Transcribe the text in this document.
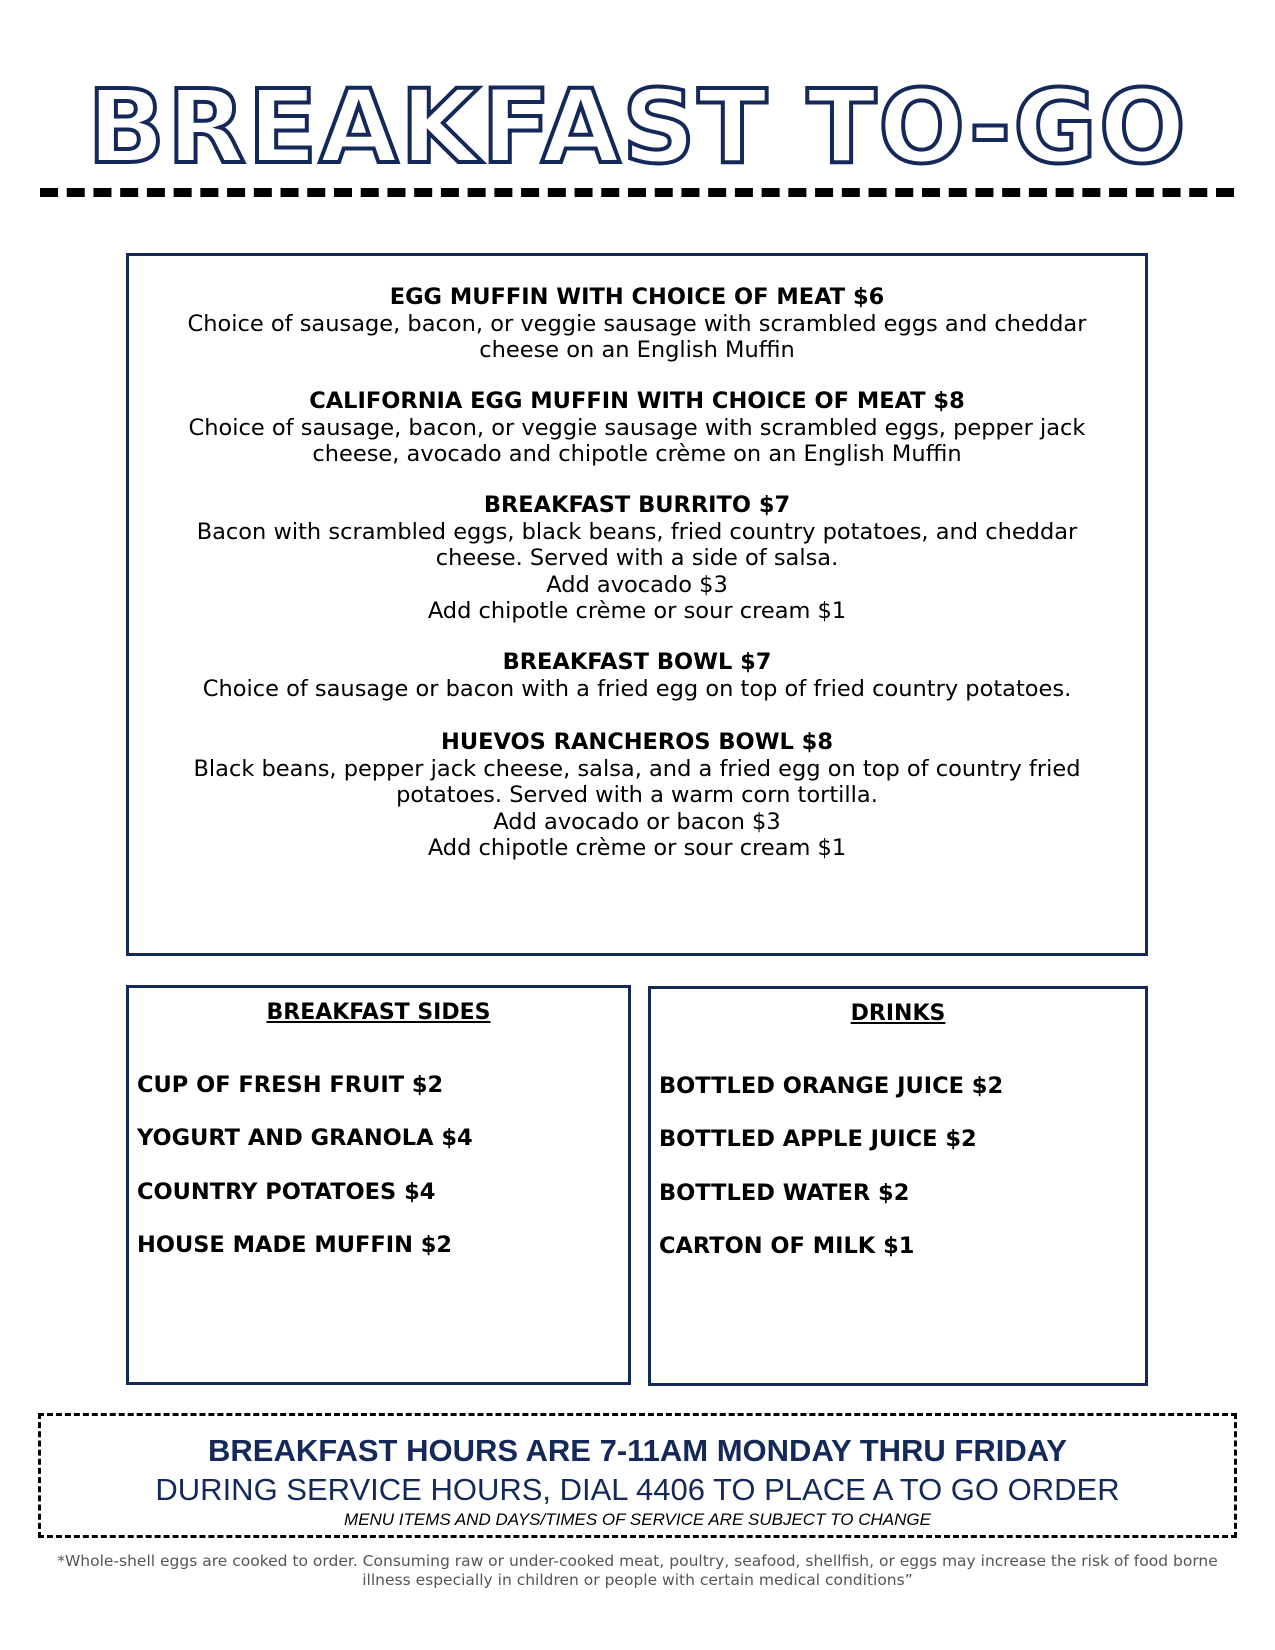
BREAKFAST TO-GO
EGG MUFFIN WITH CHOICE OF MEAT $6
Choice of sausage, bacon, or veggie sausage with scrambled eggs and cheddar cheese on an English Muffin
CALIFORNIA EGG MUFFIN WITH CHOICE OF MEAT $8
Choice of sausage, bacon, or veggie sausage with scrambled eggs, pepper jack cheese, avocado and chipotle crème on an English Muffin
BREAKFAST BURRITO $7
Bacon with scrambled eggs, black beans, fried country potatoes, and cheddar cheese. Served with a side of salsa.
Add avocado $3
Add chipotle crème or sour cream $1
BREAKFAST BOWL $7
Choice of sausage or bacon with a fried egg on top of fried country potatoes.
HUEVOS RANCHEROS BOWL $8
Black beans, pepper jack cheese, salsa, and a fried egg on top of country fried potatoes. Served with a warm corn tortilla.
Add avocado or bacon $3
Add chipotle crème or sour cream $1
BREAKFAST SIDES
CUP OF FRESH FRUIT $2
YOGURT AND GRANOLA $4
COUNTRY POTATOES $4
HOUSE MADE MUFFIN $2
DRINKS
BOTTLED ORANGE JUICE $2
BOTTLED APPLE JUICE $2
BOTTLED WATER $2
CARTON OF MILK $1
BREAKFAST HOURS ARE 7-11AM MONDAY THRU FRIDAY
DURING SERVICE HOURS, DIAL 4406 TO PLACE A TO GO ORDER
MENU ITEMS AND DAYS/TIMES OF SERVICE ARE SUBJECT TO CHANGE
*Whole-shell eggs are cooked to order. Consuming raw or under-cooked meat, poultry, seafood, shellfish, or eggs may increase the risk of food borne illness especially in children or people with certain medical conditions”
